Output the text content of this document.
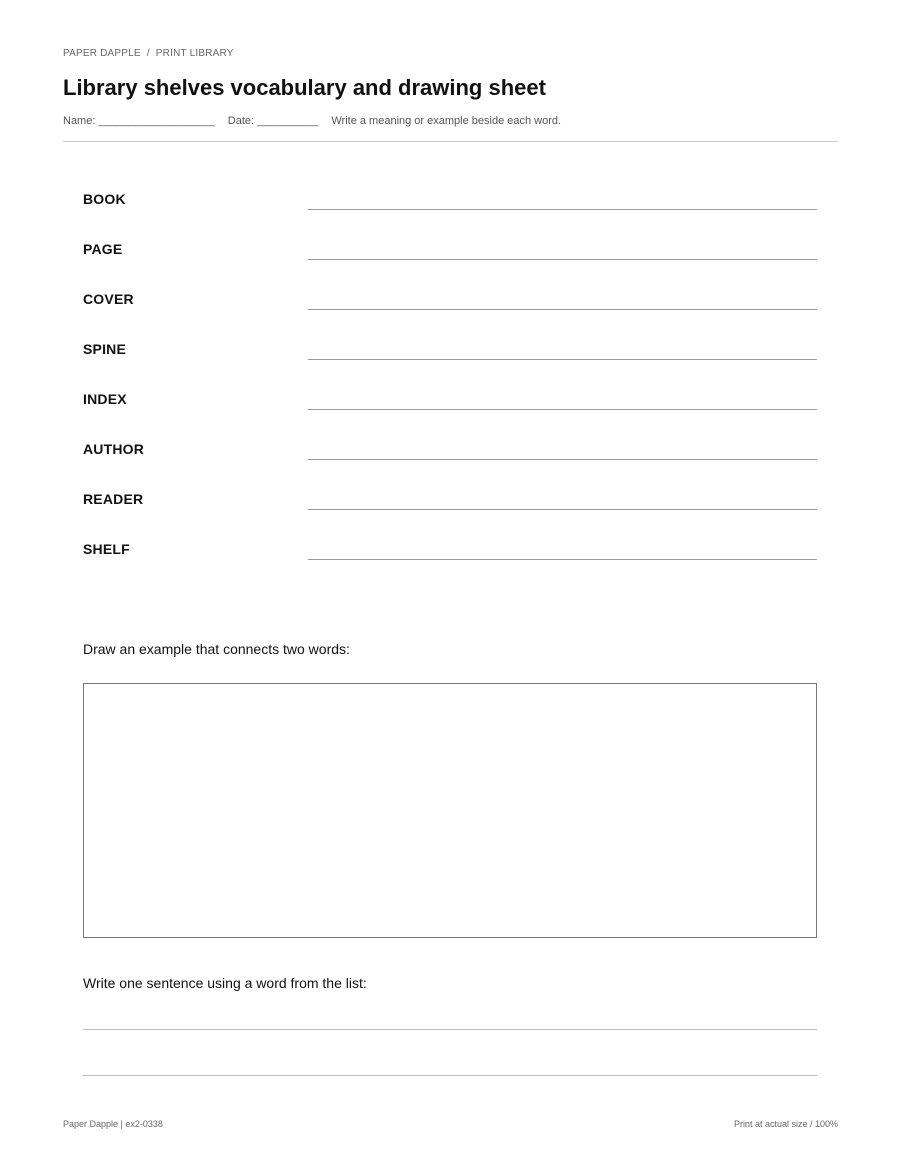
PAPER DAPPLE / PRINT LIBRARY
Library shelves vocabulary and drawing sheet
Name: ___________________ Date: __________ Write a meaning or example beside each word.
BOOK
PAGE
COVER
SPINE
INDEX
AUTHOR
READER
SHELF
Draw an example that connects two words:
Write one sentence using a word from the list:
Paper Dapple | ex2-0338	Print at actual size / 100%
